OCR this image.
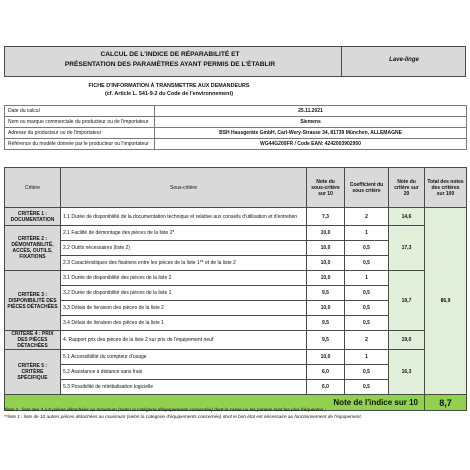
CALCUL DE L'INDICE DE RÉPARABILITÉ ET
PRÉSENTATION DES PARAMÈTRES AYANT PERMIS DE L'ÉTABLIR
Lave-linge
FICHE D'INFORMATION À TRANSMETTRE AUX DEMANDEURS
(cf. Article L. 541-9-2 du Code de l'environnement)
Date du calcul	25.11.2021
Nom ou marque commerciale du producteur ou de l'importateur	Siemens
Adresse du producteur ou de l'importateur	BSH Hausgeräte GmbH, Carl-Wery-Strasse 34, 81739 München, ALLEMAGNE
Référence du modèle donnée par le producteur ou l'importateur	WG44G200FR / Code EAN: 4242003902950
Critère	Sous-critère	Note du sous-critère sur 10	Coefficient du sous critère	Note du critère sur 20	Total des notes des critères sur 100
CRITÈRE 1 : DOCUMENTATION	1.1 Durée de disponibilité de la documentation technique et relative aux conseils d'utilisation et d'entretien	7,3	2	14,6	86,9
CRITÈRE 2 : DÉMONTABILITÉ, ACCÈS, OUTILS, FIXATIONS	2.1 Facilité de démontage des pièces de la liste 2*	10,0	1	17,3	
	2.2 Outils nécessaires (liste 2)	10,0	0,5		
	2.3 Caractéristiques des fixations entre les pièces de la liste 1** et de la liste 2	10,0	0,5		
CRITÈRE 3 : DISPONIBILITÉ DES PIÈCES DÉTACHÉES	3.1 Durée de disponibilité des pièces de la liste 2	10,0	1	19,7	
	3.2 Durée de disponibilité des pièces de la liste 1	9,5	0,5		
	3.3 Délais de livraison des pièces de la liste 2	10,0	0,5		
	3.4 Délais de livraison des pièces de la liste 1	9,5	0,5		
CRITÈRE 4 : PRIX DES PIÈCES DÉTACHÉES	4. Rapport prix des pièces de la liste 2 sur prix de l'équipement neuf	9,5	2	19,0	
CRITÈRE 5 : CRITÈRE SPÉCIFIQUE	5.1 Accessibilité du compteur d'usage	10,0	1	16,3	
	5.2 Assistance à distance sans frais	6,0	0,5		
	5.3 Possibilité de réinitialisation logicielle	6,0	0,5		
Note de l'indice sur 10					8,7
*liste 2 : liste des 3 à 5 pièces détachées au maximum (selon la catégorie d'équipements concernée) dont la casse ou les pannes sont les plus fréquentes ;
**liste 1 : liste de 10 autres pièces détachées au maximum (selon la catégorie d'équipements concernée) dont le bon état est nécessaire au fonctionnement de l'équipement.
